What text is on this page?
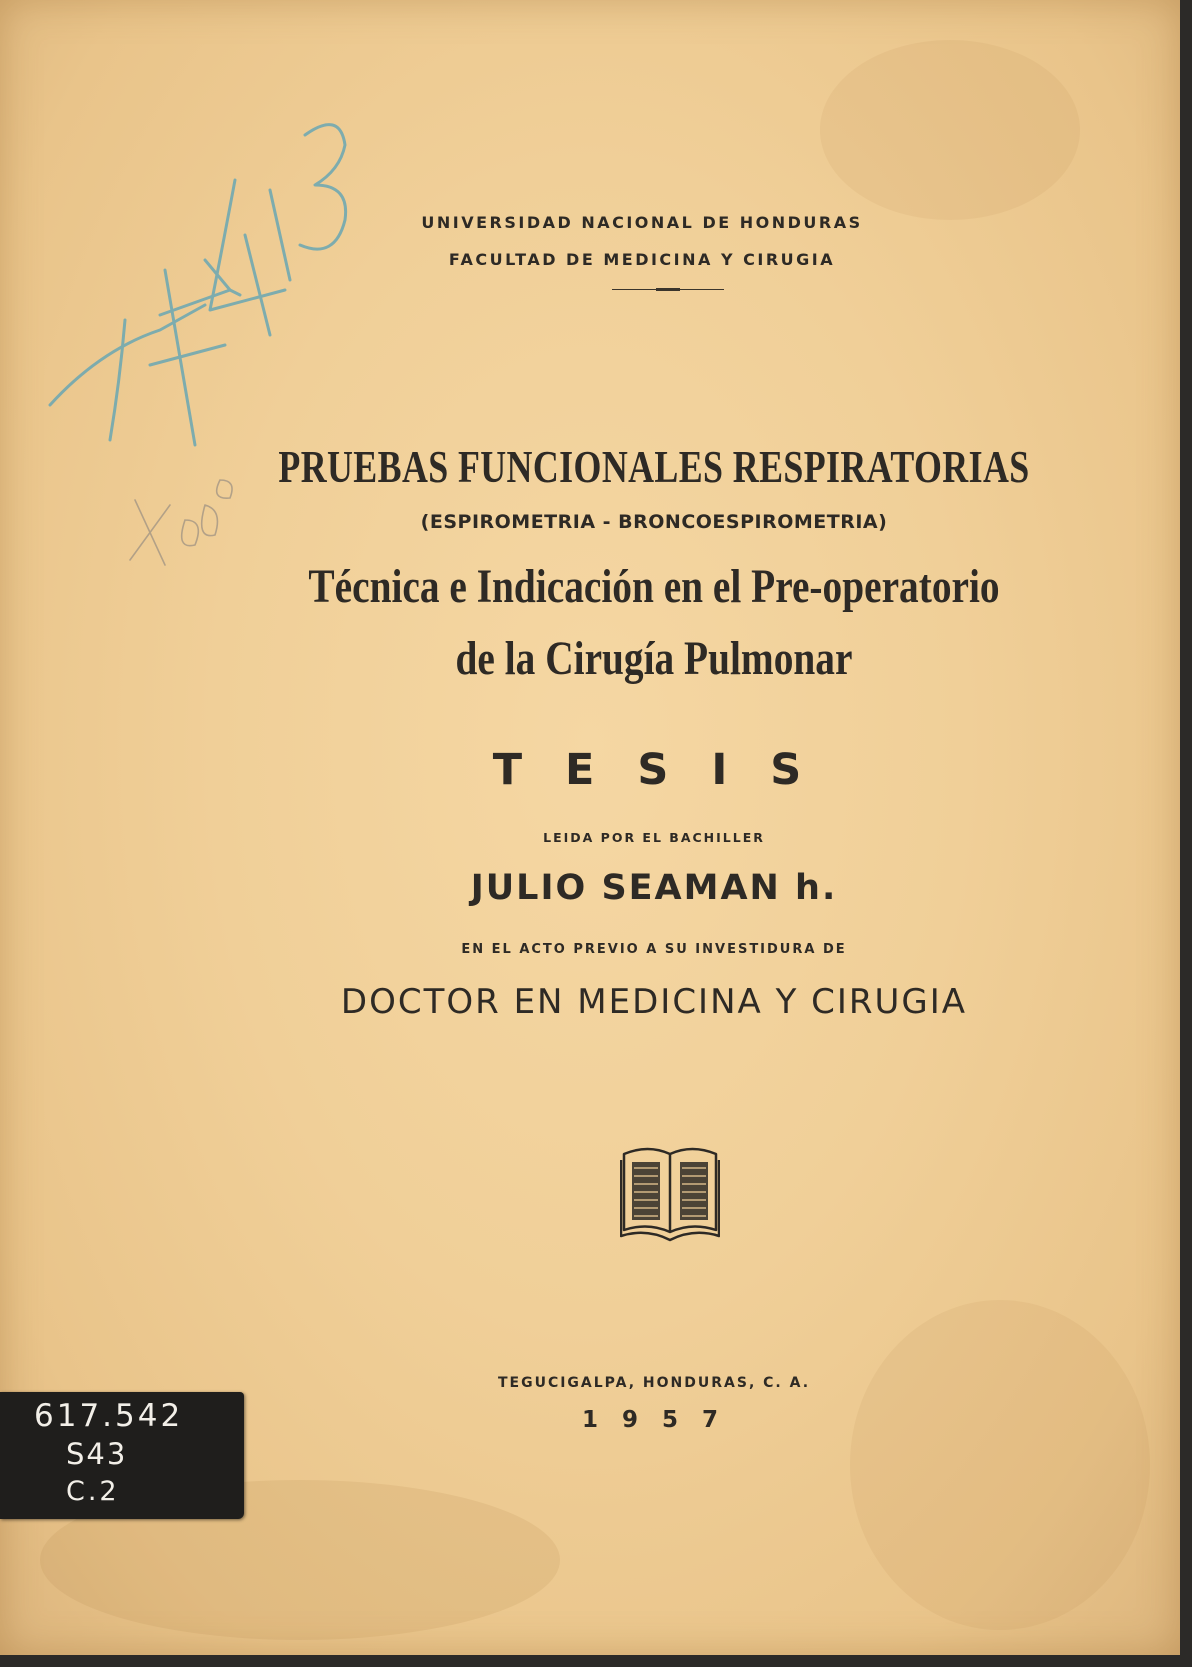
UNIVERSIDAD NACIONAL DE HONDURAS
FACULTAD DE MEDICINA Y CIRUGIA
PRUEBAS FUNCIONALES RESPIRATORIAS
(ESPIROMETRIA - BRONCOESPIROMETRIA)
Técnica e Indicación en el Pre-operatorio
de la Cirugía Pulmonar
T E S I S
LEIDA POR EL BACHILLER
JULIO SEAMAN h.
EN EL ACTO PREVIO A SU INVESTIDURA DE
DOCTOR EN MEDICINA Y CIRUGIA
TEGUCIGALPA, HONDURAS, C. A.
1 9 5 7
617.542
S43
C.2
